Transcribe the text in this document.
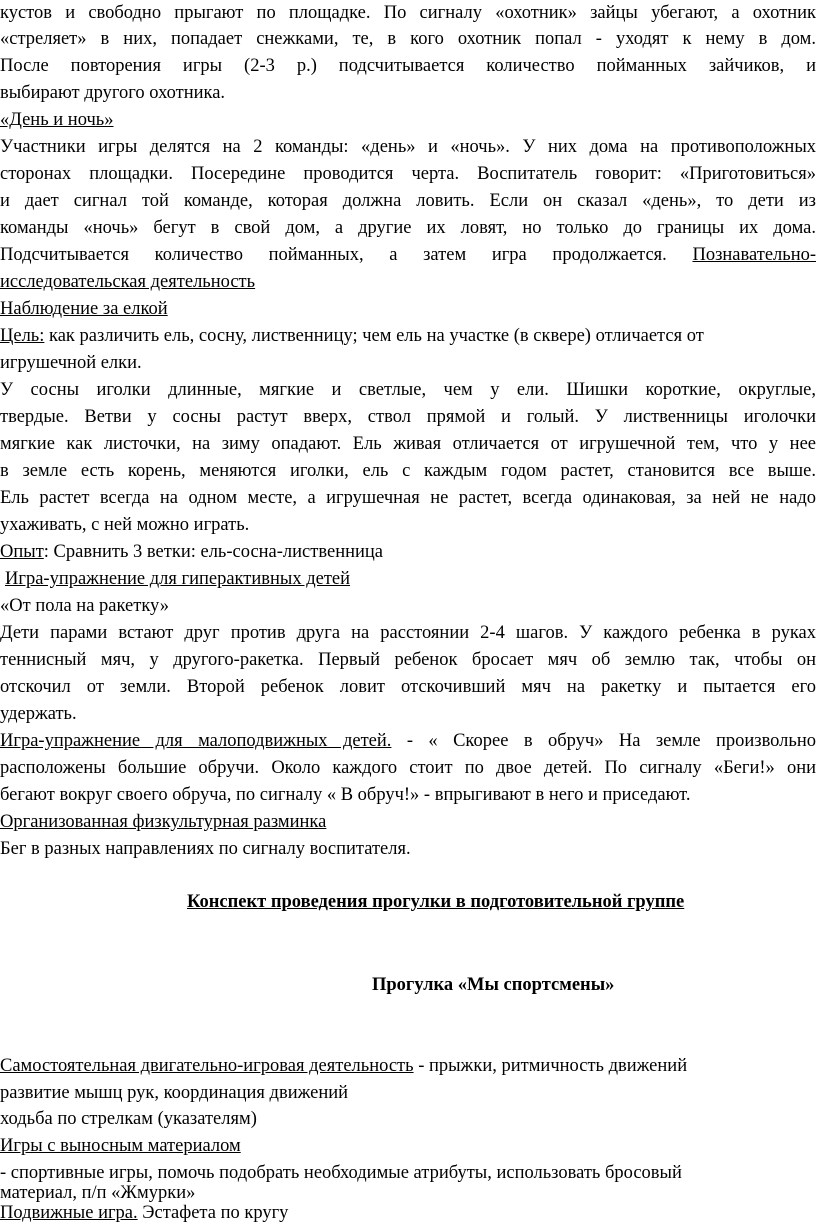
кустов и свободно прыгают по площадке. По сигналу «охотник» зайцы убегают, а охотник
«стреляет» в них, попадает снежками, те, в кого охотник попал - уходят к нему в дом.
После повторения игры (2-3 р.) подсчитывается количество пойманных зайчиков, и
выбирают другого охотника.
«День и ночь»
Участники игры делятся на 2 команды: «день» и «ночь». У них дома на противоположных
сторонах площадки. Посередине проводится черта. Воспитатель говорит: «Приготовиться»
и дает сигнал той команде, которая должна ловить. Если он сказал «день», то дети из
команды «ночь» бегут в свой дом, а другие их ловят, но только до границы их дома.
Подсчитывается количество пойманных, а затем игра продолжается. Познавательно-
исследовательская деятельность
Наблюдение за елкой
Цель: как различить ель, сосну, лиственницу; чем ель на участке (в сквере) отличается от
игрушечной елки.
У сосны иголки длинные, мягкие и светлые, чем у ели. Шишки короткие, округлые,
твердые. Ветви у сосны растут вверх, ствол прямой и голый. У лиственницы иголочки
мягкие как листочки, на зиму опадают. Ель живая отличается от игрушечной тем, что у нее
в земле есть корень, меняются иголки, ель с каждым годом растет, становится все выше.
Ель растет всегда на одном месте, а игрушечная не растет, всегда одинаковая, за ней не надо
ухаживать, с ней можно играть.
Опыт: Сравнить 3 ветки: ель-сосна-лиственница
Игра-упражнение для гиперактивных детей
«От пола на ракетку»
Дети парами встают друг против друга на расстоянии 2-4 шагов. У каждого ребенка в руках
теннисный мяч, у другого-ракетка. Первый ребенок бросает мяч об землю так, чтобы он
отскочил от земли. Второй ребенок ловит отскочивший мяч на ракетку и пытается его
удержать.
Игра-упражнение для малоподвижных детей. - « Скорее в обруч» На земле произвольно
расположены большие обручи. Около каждого стоит по двое детей. По сигналу «Беги!» они
бегают вокруг своего обруча, по сигналу « В обруч!» - впрыгивают в него и приседают.
Организованная физкультурная разминка
Бег в разных направлениях по сигналу воспитателя.
Конспект проведения прогулки в подготовительной группе
Прогулка «Мы спортсмены»
Самостоятельная двигательно-игровая деятельность - прыжки, ритмичность движений
развитие мышц рук, координация движений
ходьба по стрелкам (указателям)
Игры с выносным материалом
- спортивные игры, помочь подобрать необходимые атрибуты, использовать бросовый
материал, п/п «Жмурки»
Подвижные игра. Эстафета по кругу
